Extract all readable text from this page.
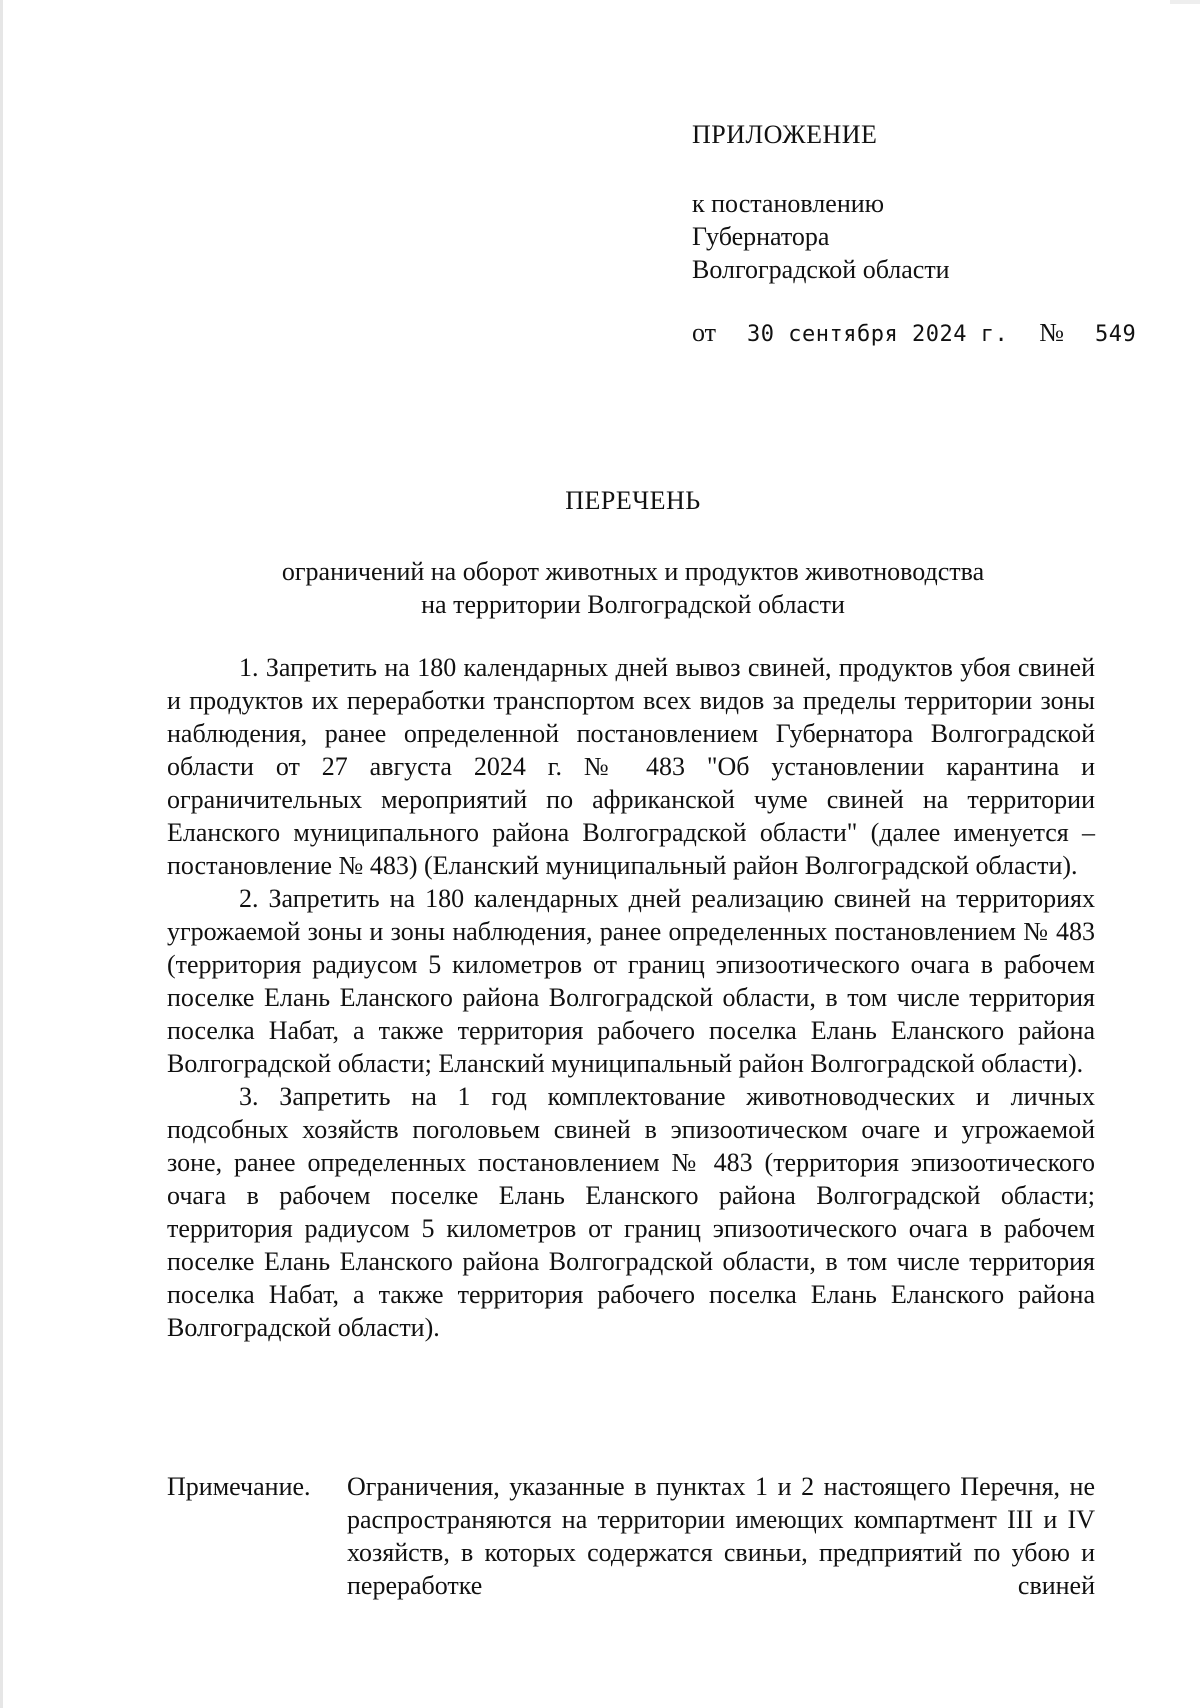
ПРИЛОЖЕНИЕ
к постановлению
Губернатора
Волгоградской области
от 30 сентября 2024 г. № 549
ПЕРЕЧЕНЬ
ограничений на оборот животных и продуктов животноводства
на территории Волгоградской области

1. Запретить на 180 календарных дней вывоз свиней, продуктов убоя свиней и продуктов их переработки транспортом всех видов за пределы территории зоны наблюдения, ранее определенной постановлением Губернатора Волгоградской области от 27 августа 2024 г. № 483 "Об установлении карантина и ограничительных мероприятий по африканской чуме свиней на территории Еланского муниципального района Волгоградской области" (далее именуется – постановление № 483) (Еланский муниципальный район Волгоградской области).

2. Запретить на 180 календарных дней реализацию свиней на территориях угрожаемой зоны и зоны наблюдения, ранее определенных постановлением № 483 (территория радиусом 5 километров от границ эпизоотического очага в рабочем поселке Елань Еланского района Волгоградской области, в том числе территория поселка Набат, а также территория рабочего поселка Елань Еланского района Волгоградской области; Еланский муниципальный район Волгоградской области).

3. Запретить на 1 год комплектование животноводческих и личных подсобных хозяйств поголовьем свиней в эпизоотическом очаге и угрожаемой зоне, ранее определенных постановлением № 483 (территория эпизоотического очага в рабочем поселке Елань Еланского района Волгоградской области; территория радиусом 5 километров от границ эпизоотического очага в рабочем поселке Елань Еланского района Волгоградской области, в том числе территория поселка Набат, а также территория рабочего поселка Елань Еланского района Волгоградской области).

Примечание.	Ограничения, указанные в пунктах 1 и 2 настоящего Перечня, не распространяются на территории имеющих компартмент III и IV хозяйств, в которых содержатся свиньи, предприятий по убою и переработке свиней
